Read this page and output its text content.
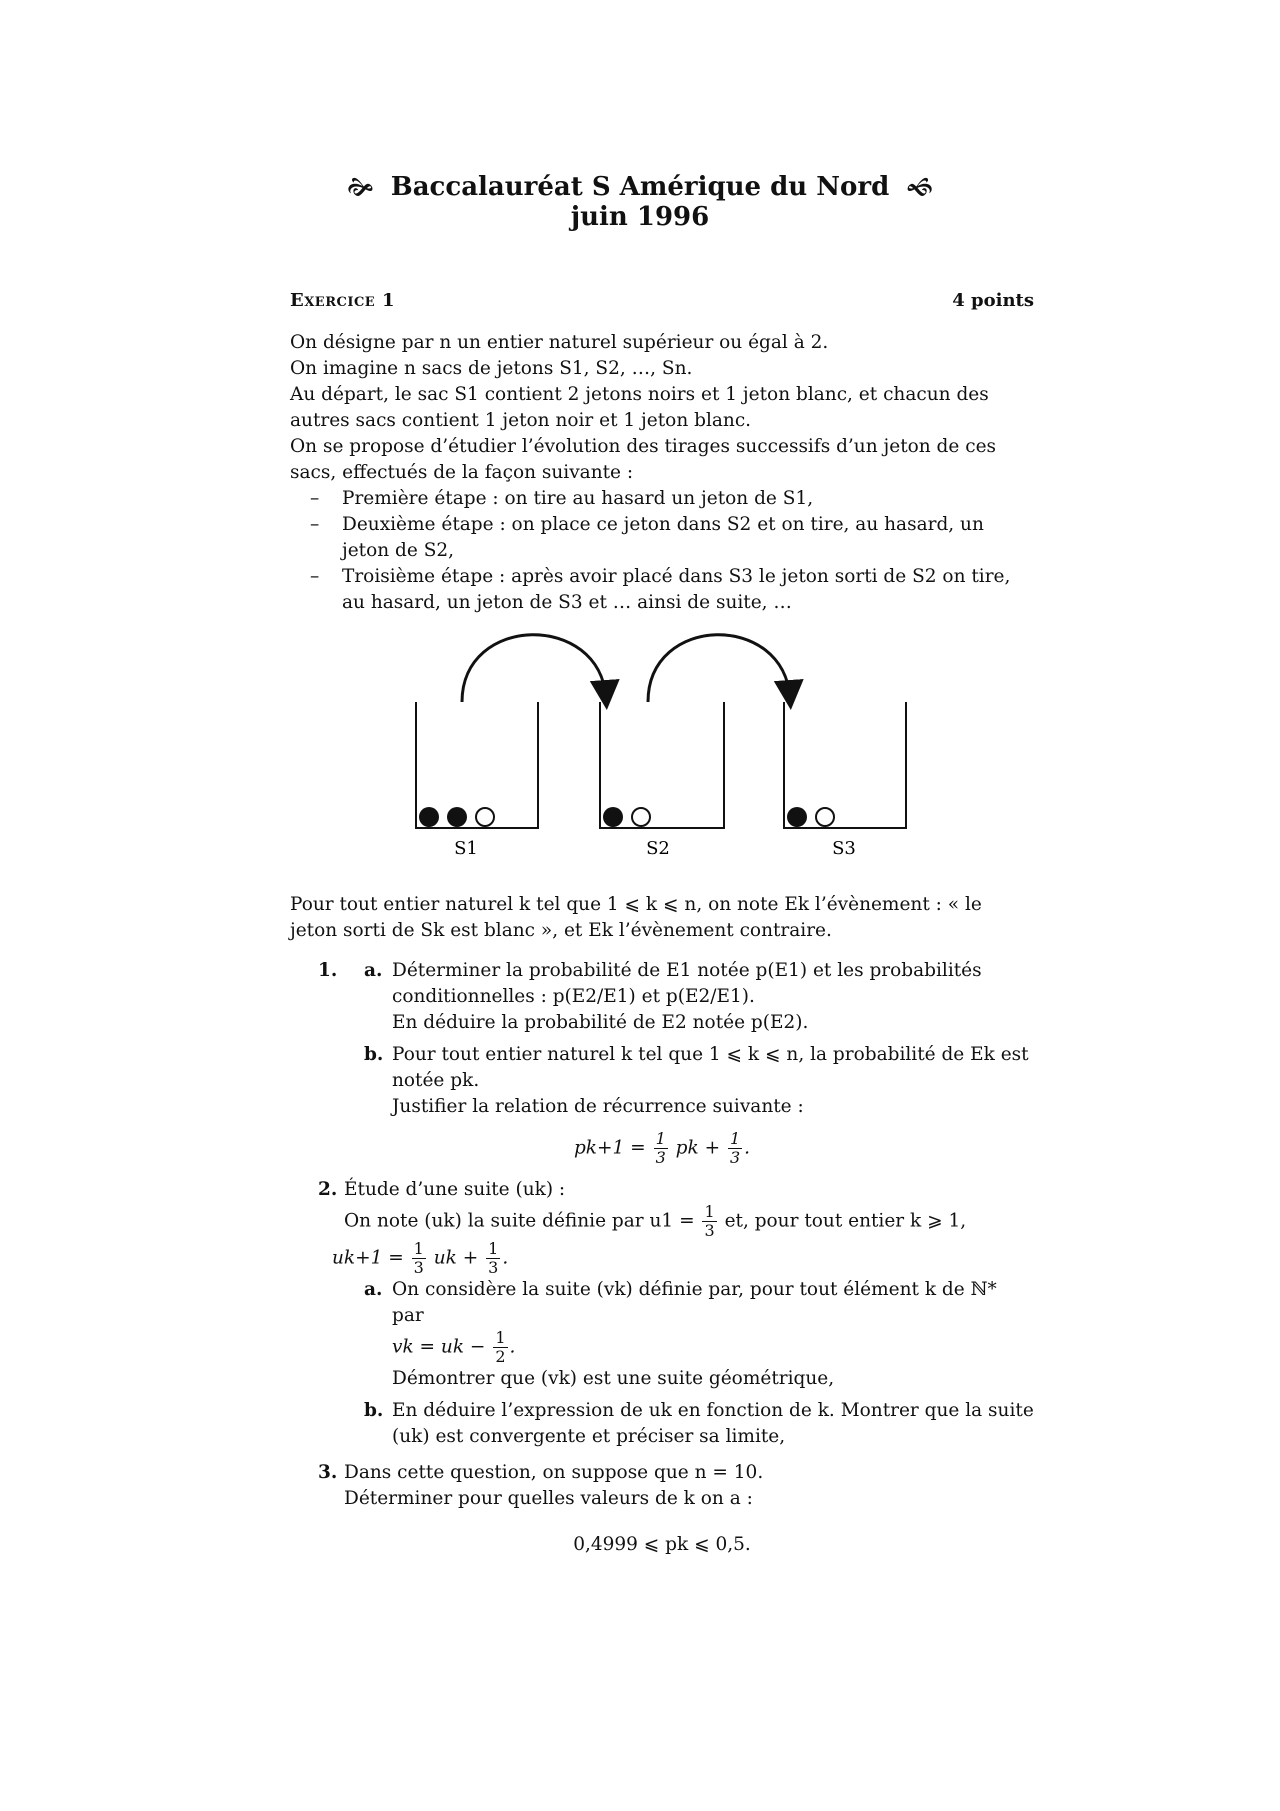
🙞 Baccalauréat S Amérique du Nord 🙜
juin 1996
Exercice 1	4 points

On désigne par n un entier naturel supérieur ou égal à 2.

On imagine n sacs de jetons S1, S2, …, Sn.

Au départ, le sac S1 contient 2 jetons noirs et 1 jeton blanc, et chacun des autres sacs contient 1 jeton noir et 1 jeton blanc.

On se propose d’étudier l’évolution des tirages successifs d’un jeton de ces sacs, effectués de la façon suivante :

– Première étape : on tire au hasard un jeton de S1,
– Deuxième étape : on place ce jeton dans S2 et on tire, au hasard, un jeton de S2,
– Troisième étape : après avoir placé dans S3 le jeton sorti de S2 on tire, au hasard, un jeton de S3 et … ainsi de suite, …
S1	S2	S3

Pour tout entier naturel k tel que 1 ⩽ k ⩽ n, on note Ek l’évènement : « le jeton sorti de Sk est blanc », et Ek l’évènement contraire.

1. a. Déterminer la probabilité de E1 notée p(E1) et les probabilités conditionnelles : p(E2/E1) et p(E2/E1).

En déduire la probabilité de E2 notée p(E2).

b. Pour tout entier naturel k tel que 1 ⩽ k ⩽ n, la probabilité de Ek est notée pk.

Justifier la relation de récurrence suivante :

$pk+1 = \frac{1}{3}$ pk + $\frac{1}{3}$ .
2. Étude d’une suite (uk) :

On note (uk) la suite définie par $u1 = \frac{1}{3}$ et, pour tout entier k ⩾ 1,

$uk+1 = \frac{1}{3}$ uk + $\frac{1}{3}$ .

a. On considère la suite (vk) définie par, pour tout élément k de ℕ* par

vk = uk − $\frac{1}{2}$ .

Démontrer que (vk) est une suite géométrique,

b. En déduire l’expression de uk en fonction de k. Montrer que la suite (uk) est convergente et préciser sa limite,

3. Dans cette question, on suppose que n = 10.

Déterminer pour quelles valeurs de k on a :

0,4999 ⩽ pk ⩽ 0,5.
